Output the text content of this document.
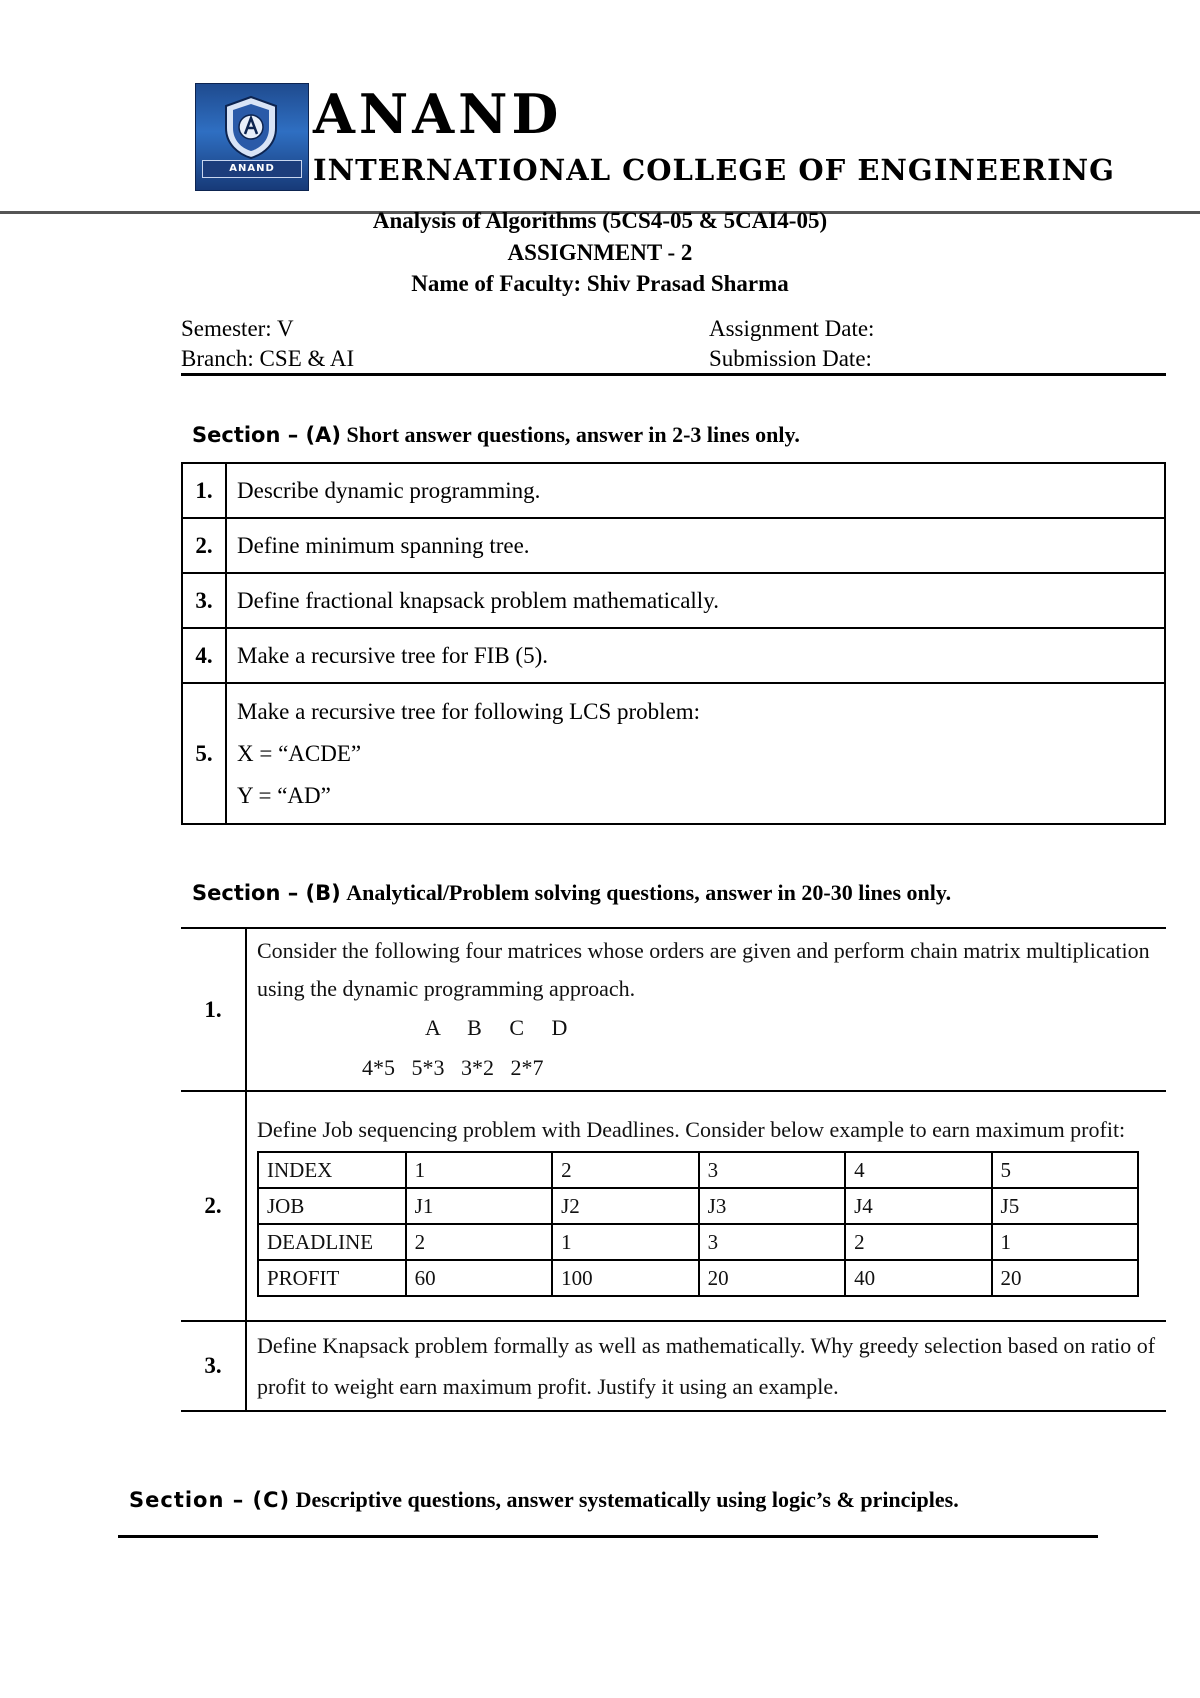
ANAND
ANAND
INTERNATIONAL COLLEGE OF ENGINEERING
Analysis of Algorithms (5CS4-05 & 5CAI4-05)
ASSIGNMENT - 2
Name of Faculty: Shiv Prasad Sharma
Semester: V
Branch: CSE & AI
Assignment Date:
Submission Date:
Section – (A) Short answer questions, answer in 2-3 lines only.
1.	Describe dynamic programming.
2.	Define minimum spanning tree.
3.	Define fractional knapsack problem mathematically.
4.	Make a recursive tree for FIB (5).
5.	Make a recursive tree for following LCS problem:
X = “ACDE”
Y = “AD”
Section – (B) Analytical/Problem solving questions, answer in 20-30 lines only.
1.	
Consider the following four matrices whose orders are given and perform chain matrix multiplication using the dynamic programming approach.
A     B     C     D
4*5   5*3   3*2   2*7

2.	
Define Job sequencing problem with Deadlines. Consider below example to earn maximum profit:
INDEX	1	2	3	4	5
JOB	J1	J2	J3	J4	J5
DEADLINE	2	1	3	2	1
PROFIT	60	100	20	40	20

3.	Define Knapsack problem formally as well as mathematically. Why greedy selection based on ratio of profit to weight earn maximum profit. Justify it using an example.
Section – (C) Descriptive questions, answer systematically using logic’s & principles.
